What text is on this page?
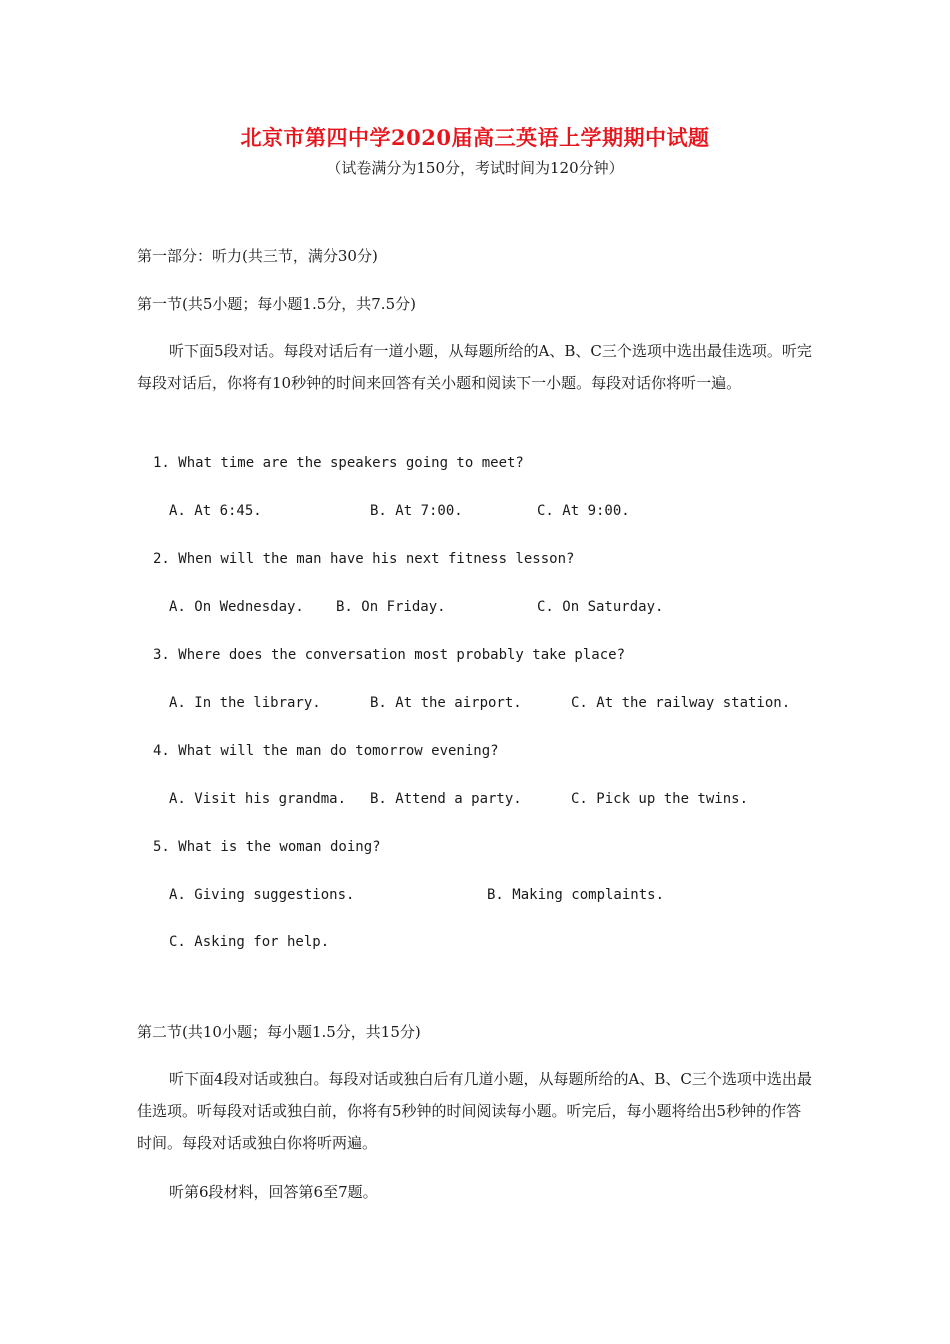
北京市第四中学2020届高三英语上学期期中试题
（试卷满分为150分，考试时间为120分钟）
第一部分：听力(共三节，满分30分)
第一节(共5小题；每小题1.5分，共7.5分)
听下面5段对话。每段对话后有一道小题，从每题所给的A、B、C三个选项中选出最佳选项。听完每段对话后，你将有10秒钟的时间来回答有关小题和阅读下一小题。每段对话你将听一遍。
1. What time are the speakers going to meet?
A. At 6:45.	B. At 7:00.	C. At 9:00.
2. When will the man have his next fitness lesson?
A. On Wednesday. B. On Friday.	C. On Saturday.
3. Where does the conversation most probably take place?
A. In the library.	B. At the airport.	C. At the railway station.
4. What will the man do tomorrow evening?
A. Visit his grandma. B. Attend a party.	C. Pick up the twins.
5. What is the woman doing?
A. Giving suggestions.	B. Making complaints.
C. Asking for help.
第二节(共10小题；每小题1.5分，共15分)
听下面4段对话或独白。每段对话或独白后有几道小题，从每题所给的A、B、C三个选项中选出最佳选项。听每段对话或独白前，你将有5秒钟的时间阅读每小题。听完后，每小题将给出5秒钟的作答时间。每段对话或独白你将听两遍。
听第6段材料，回答第6至7题。
